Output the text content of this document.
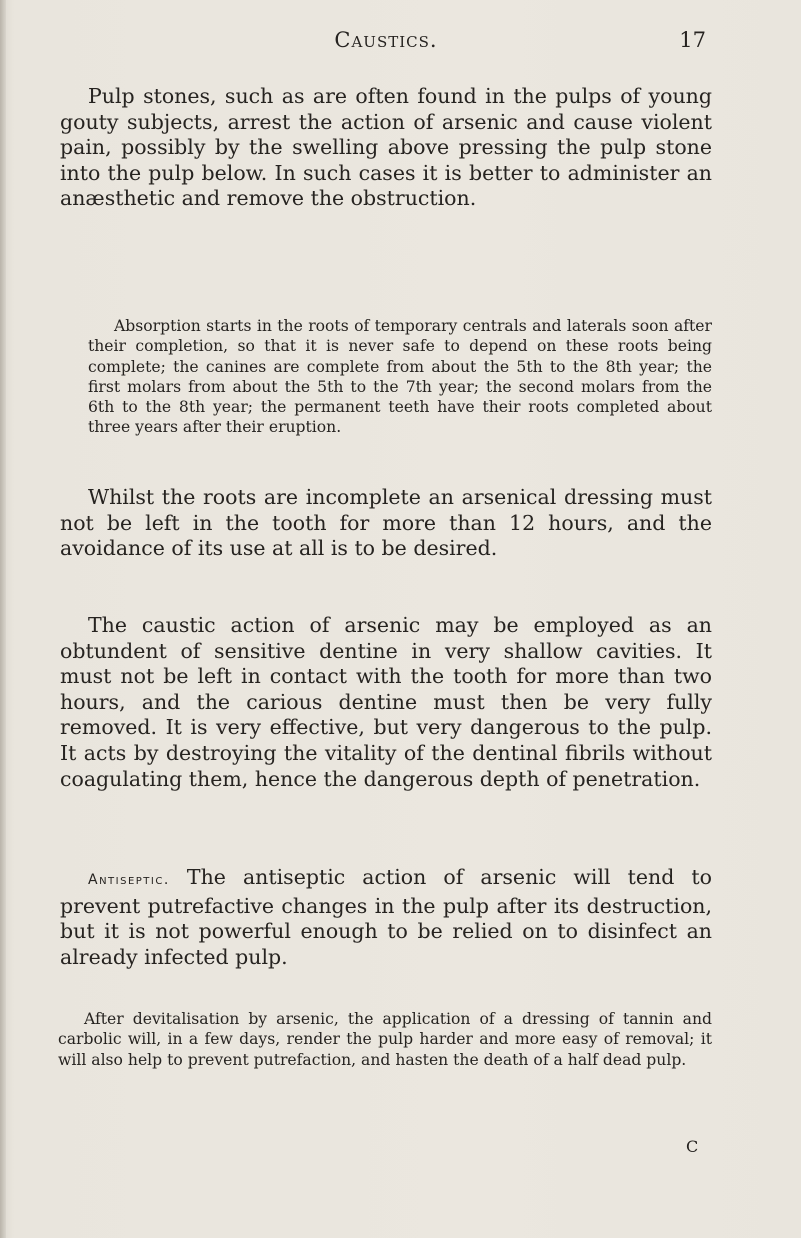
Caustics.	17

Pulp stones, such as are often found in the pulps of young gouty subjects, arrest the action of arsenic and cause violent pain, possibly by the swelling above pressing the pulp stone into the pulp below. In such cases it is better to administer an anæsthetic and remove the obstruction.

Absorption starts in the roots of temporary centrals and laterals soon after their completion, so that it is never safe to depend on these roots being complete; the canines are complete from about the 5th to the 8th year; the first molars from about the 5th to the 7th year; the second molars from the 6th to the 8th year; the permanent teeth have their roots completed about three years after their eruption.

Whilst the roots are incomplete an arsenical dressing must not be left in the tooth for more than 12 hours, and the avoidance of its use at all is to be desired.

The caustic action of arsenic may be employed as an obtundent of sensitive dentine in very shallow cavities. It must not be left in contact with the tooth for more than two hours, and the carious dentine must then be very fully removed. It is very effective, but very dangerous to the pulp. It acts by destroying the vitality of the dentinal fibrils without coagulating them, hence the dangerous depth of penetration.

Antiseptic. The antiseptic action of arsenic will tend to prevent putrefactive changes in the pulp after its destruction, but it is not powerful enough to be relied on to disinfect an already infected pulp.

After devitalisation by arsenic, the application of a dressing of tannin and carbolic will, in a few days, render the pulp harder and more easy of removal; it will also help to prevent putrefaction, and hasten the death of a half dead pulp.

C
